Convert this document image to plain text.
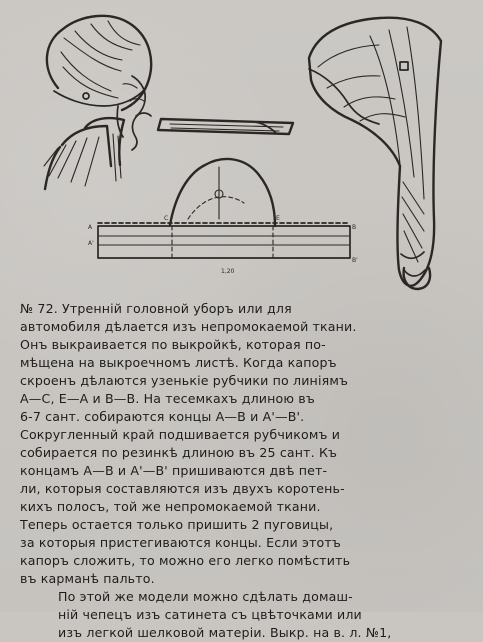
A
A'
C	E
B
B'
1,20

№ 72. Утренній головной уборъ или для
автомобиля дѣлается изъ непромокаемой ткани.
Онъ выкраивается по выкройкѣ, которая по-
мѣщена на выкроечномъ листѣ. Когда капоръ
скроенъ дѣлаются узенькіе рубчики по линіямъ
А—С, Е—А и В—В. На тесемкахъ длиною въ
6-7 сант. собираются концы А—В и А'—В'.
Сокругленный край подшивается рубчикомъ и
собирается по резинкѣ длиною въ 25 сант. Къ
концамъ А—В и А'—В' пришиваются двѣ пет-
ли, которыя составляются изъ двухъ коротень-
кихъ полосъ, той же непромокаемой ткани.
Теперь остается только пришить 2 пуговицы,
за которыя пристегиваются концы. Если этотъ
капоръ сложить, то можно его легко помѣстить
въ карманѣ пальто.

По этой же модели можно сдѣлать домаш-
ній чепецъ изъ сатинета съ цвѣточками или
изъ легкой шелковой матеріи. Выкр. на в. л. №1,
